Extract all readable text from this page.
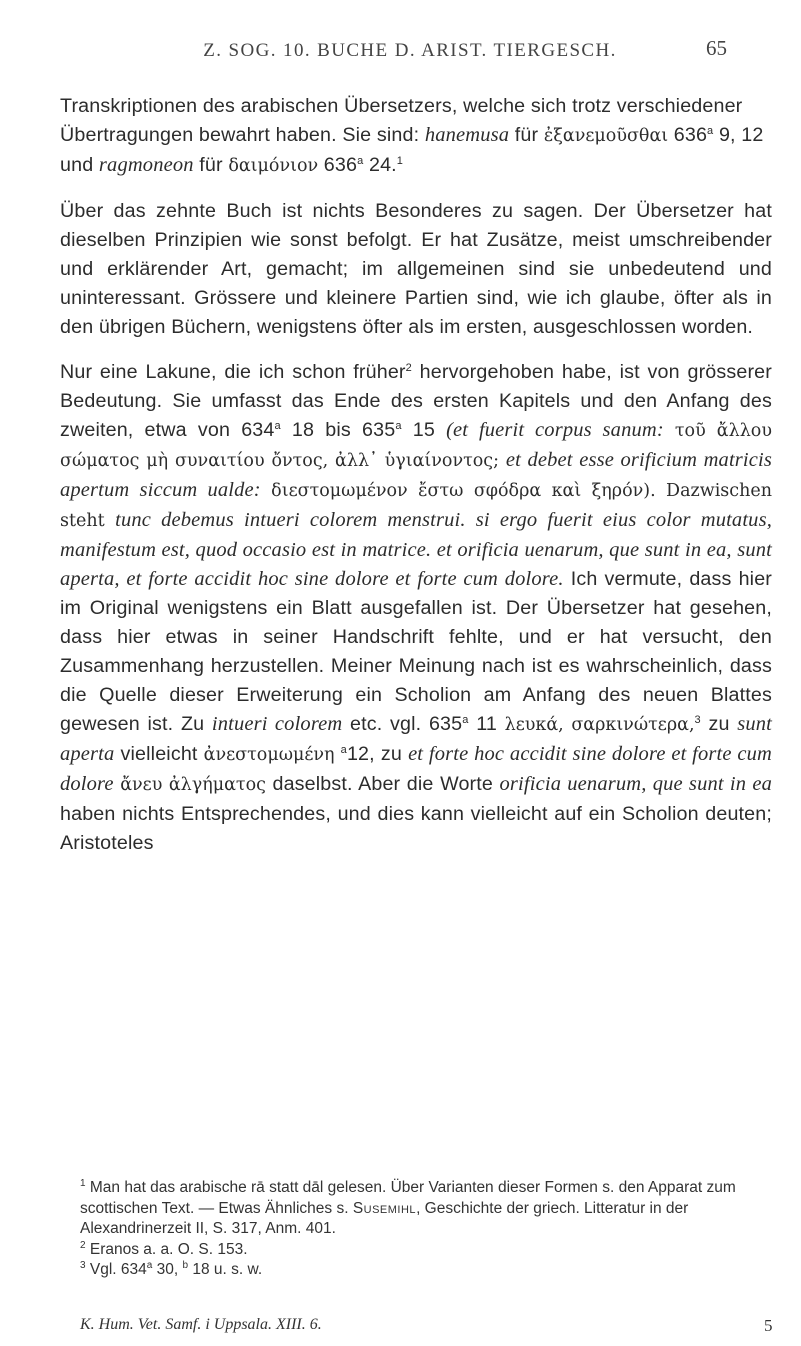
Z. SOG. 10. BUCHE D. ARIST. TIERGESCH.	65

Transkriptionen des arabischen Übersetzers, welche sich trotz verschiedener Übertragungen bewahrt haben. Sie sind: hanemusa für ἐξανεμοῦσθαι 636$^a$ 9, 12 und ragmoneon für δαιμόνιον 636$^a$ 24.$^1$

Über das zehnte Buch ist nichts Besonderes zu sagen. Der Übersetzer hat dieselben Prinzipien wie sonst befolgt. Er hat Zusätze, meist umschreibender und erklärender Art, gemacht; im allgemeinen sind sie unbedeutend und uninteressant. Grössere und kleinere Partien sind, wie ich glaube, öfter als in den übrigen Büchern, wenigstens öfter als im ersten, ausgeschlossen worden.

Nur eine Lakune, die ich schon früher$^2$ hervorgehoben habe, ist von grösserer Bedeutung. Sie umfasst das Ende des ersten Kapitels und den Anfang des zweiten, etwa von 634$^a$ 18 bis 635$^a$ 15 (et fuerit corpus sanum: τοῦ ἄλλου σώματος μὴ συναιτίου ὄντος, ἀλλ᾽ ὑγιαίνοντος; et debet esse orificium matricis apertum siccum ualde: διεστομωμένον ἔστω σφόδρα καὶ ξηρόν). Dazwischen steht tunc debemus intueri colorem menstrui. si ergo fuerit eius color mutatus, manifestum est, quod occasio est in matrice. et orificia uenarum, que sunt in ea, sunt aperta, et forte accidit hoc sine dolore et forte cum dolore. Ich vermute, dass hier im Original wenigstens ein Blatt ausgefallen ist. Der Übersetzer hat gesehen, dass hier etwas in seiner Handschrift fehlte, und er hat versucht, den Zusammenhang herzustellen. Meiner Meinung nach ist es wahrscheinlich, dass die Quelle dieser Erweiterung ein Scholion am Anfang des neuen Blattes gewesen ist. Zu intueri colorem etc. vgl. 635$^a$ 11 λευκά, σαρκινώτερα,$^3$ zu sunt aperta vielleicht ἀνεστομωμένη $^a$12, zu et forte hoc accidit sine dolore et forte cum dolore ἄνευ ἀλγήματος daselbst. Aber die Worte orificia uenarum, que sunt in ea haben nichts Entsprechendes, und dies kann vielleicht auf ein Scholion deuten; Aristoteles

$^1$ Man hat das arabische rā statt dāl gelesen. Über Varianten dieser Formen s. den Apparat zum scottischen Text. — Etwas Ähnliches s. Susemihl, Geschichte der griech. Litteratur in der Alexandrinerzeit II, S. 317, Anm. 401.

$^2$ Eranos a. a. O. S. 153.

$^3$ Vgl. 634$^a$ 30, $^b$ 18 u. s. w.

K. Hum. Vet. Samf. i Uppsala. XIII. 6.	5
